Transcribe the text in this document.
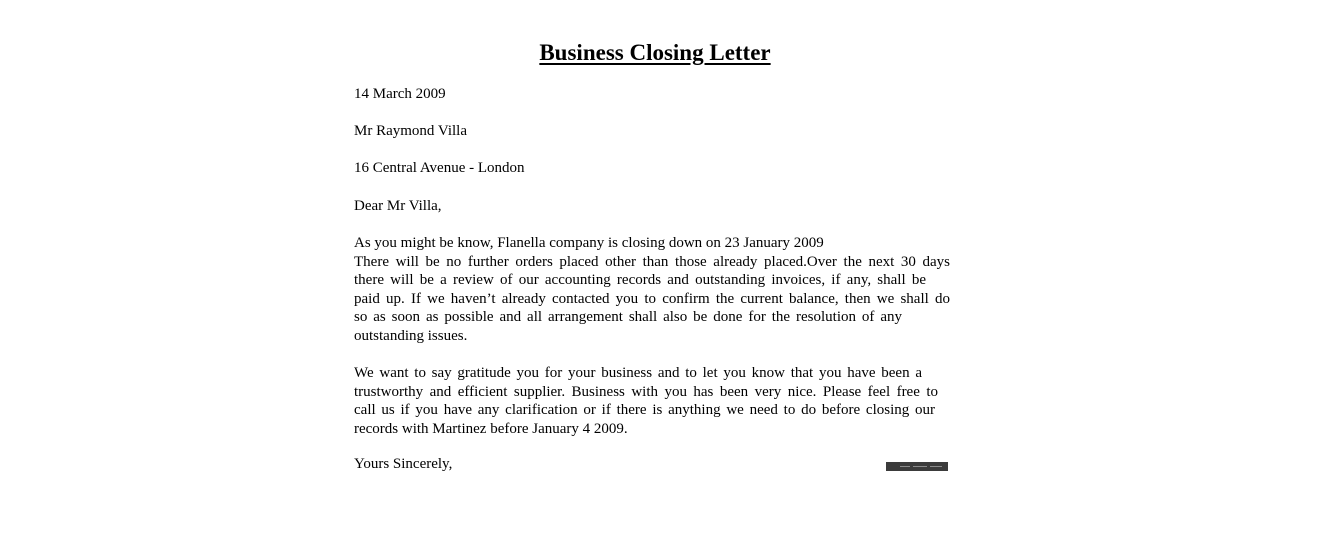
Business Closing Letter
14 March 2009
Mr Raymond Villa
16 Central Avenue - London
Dear Mr Villa,
As you might be know, Flanella company is closing down on 23 January 2009
There will be no further orders placed other than those already placed.Over the next 30 days
there will be a review of our accounting records and outstanding invoices, if any, shall be
paid up. If we haven’t already contacted you to confirm the current balance, then we shall do
so as soon as possible and all arrangement shall also be done for the resolution of any
outstanding issues.
We want to say gratitude you for your business and to let you know that you have been a
trustworthy and efficient supplier. Business with you has been very nice. Please feel free to
call us if you have any clarification or if there is anything we need to do before closing our
records with Martinez before January 4 2009.
Yours Sincerely,
